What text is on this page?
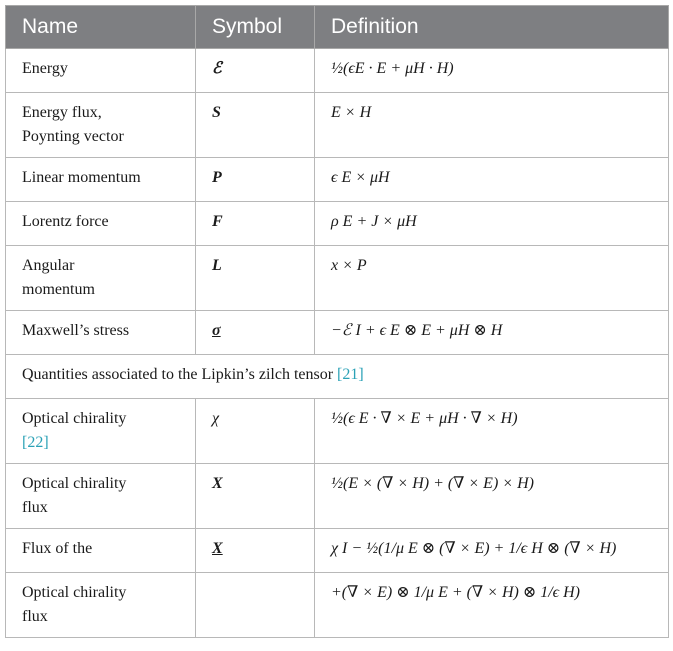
Name	Symbol	Definition
Energy	ℰ	½(ϵE · E + μH · H)
Energy flux,
Poynting vector	S	E × H
Linear momentum	P	ϵ E × μH
Lorentz force	F	ρ E + J × μH
Angular
momentum	L	x × P
Maxwell’s stress	σ	−ℰ I + ϵ E ⊗ E + μH ⊗ H
Quantities associated to the Lipkin’s zilch tensor [21]		
Optical chirality
[22]	χ	½(ϵ E · ∇ × E + μH · ∇ × H)
Optical chirality
flux	X	½(E × (∇ × H) + (∇ × E) × H)
Flux of the	X	χ I − ½(1/μ E ⊗ (∇ × E) + 1/ϵ H ⊗ (∇ × H)
Optical chirality
flux		+(∇ × E) ⊗ 1/μ E + (∇ × H) ⊗ 1/ϵ H)
